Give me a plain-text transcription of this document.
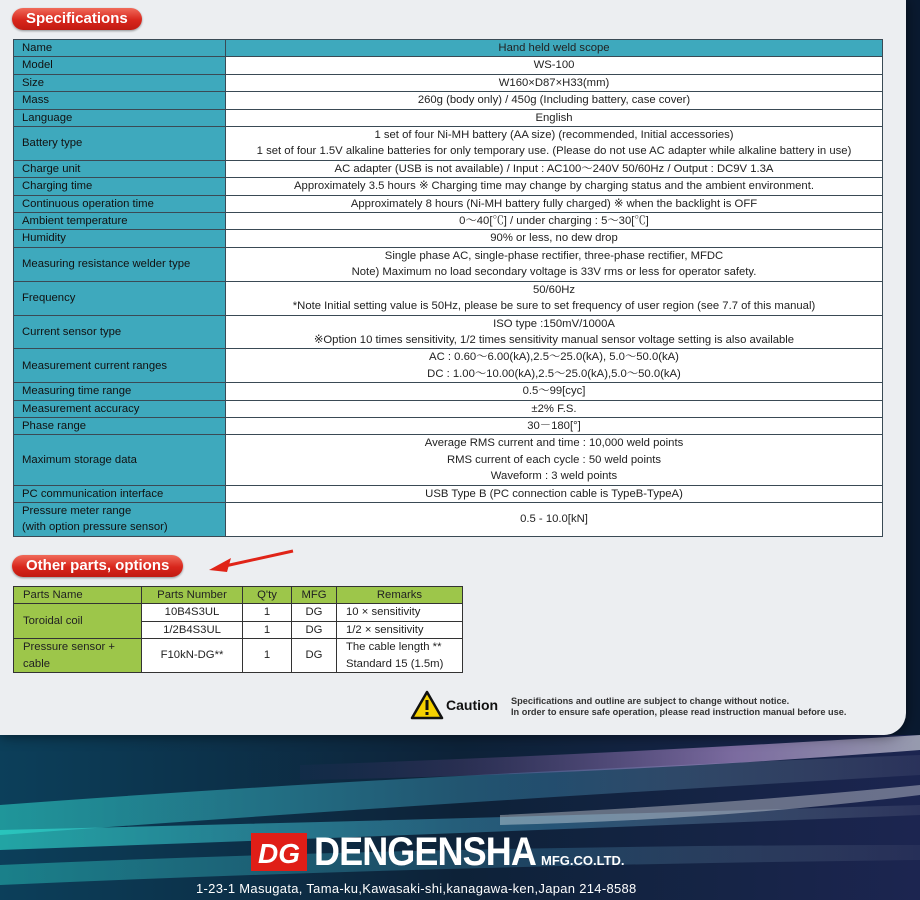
Specifications
Name	Hand held weld scope

Model	WS-100

Size	W160×D87×H33(mm)

Mass	260g (body only) / 450g (Including battery, case cover)

Language	English

Battery type	1 set of four Ni-MH battery (AA size) (recommended, Initial accessories)
1 set of four 1.5V alkaline batteries for only temporary use. (Please do not use AC adapter while alkaline battery in use)

Charge unit	AC adapter (USB is not available) / Input : AC100～240V 50/60Hz / Output : DC9V 1.3A

Charging time	Approximately 3.5 hours ※ Charging time may change by charging status and the ambient environment.

Continuous operation time	Approximately 8 hours (Ni-MH battery fully charged) ※ when the backlight is OFF

Ambient temperature	0～40[℃] / under charging : 5～30[℃]

Humidity	90% or less, no dew drop

Measuring resistance welder type	Single phase AC, single-phase rectifier, three-phase rectifier, MFDC
Note) Maximum no load secondary voltage is 33V rms or less for operator safety.

Frequency	50/60Hz
*Note Initial setting value is 50Hz, please be sure to set frequency of user region (see 7.7 of this manual)

Current sensor type	ISO type :150mV/1000A
※Option 10 times sensitivity, 1/2 times sensitivity manual sensor voltage setting is also available

Measurement current ranges	AC : 0.60～6.00(kA),2.5～25.0(kA), 5.0～50.0(kA)
DC : 1.00～10.00(kA),2.5～25.0(kA),5.0～50.0(kA)

Measuring time range	0.5～99[cyc]

Measurement accuracy	±2% F.S.

Phase range	30－180[°]

Maximum storage data	Average RMS current and time : 10,000 weld points
RMS current of each cycle : 50 weld points
Waveform : 3 weld points

PC communication interface	USB Type B (PC connection cable is TypeB-TypeA)

Pressure meter range
(with option pressure sensor)	0.5 - 10.0[kN]
Other parts, options
Parts Name	Parts Number	Q'ty	MFG	Remarks
Toroidal coil	10B4S3UL	1	DG	10 × sensitivity
	1/2B4S3UL	1	DG	1/2 × sensitivity
Pressure sensor + cable	F10kN-DG**	1	DG	The cable length **
Standard 15 (1.5m)
Caution Specifications and outline are subject to change without notice.
In order to ensure safe operation, please read instruction manual before use.
DG DENGENSHA MFG.CO.LTD.
1-23-1 Masugata, Tama-ku,Kawasaki-shi,kanagawa-ken,Japan 214-8588
